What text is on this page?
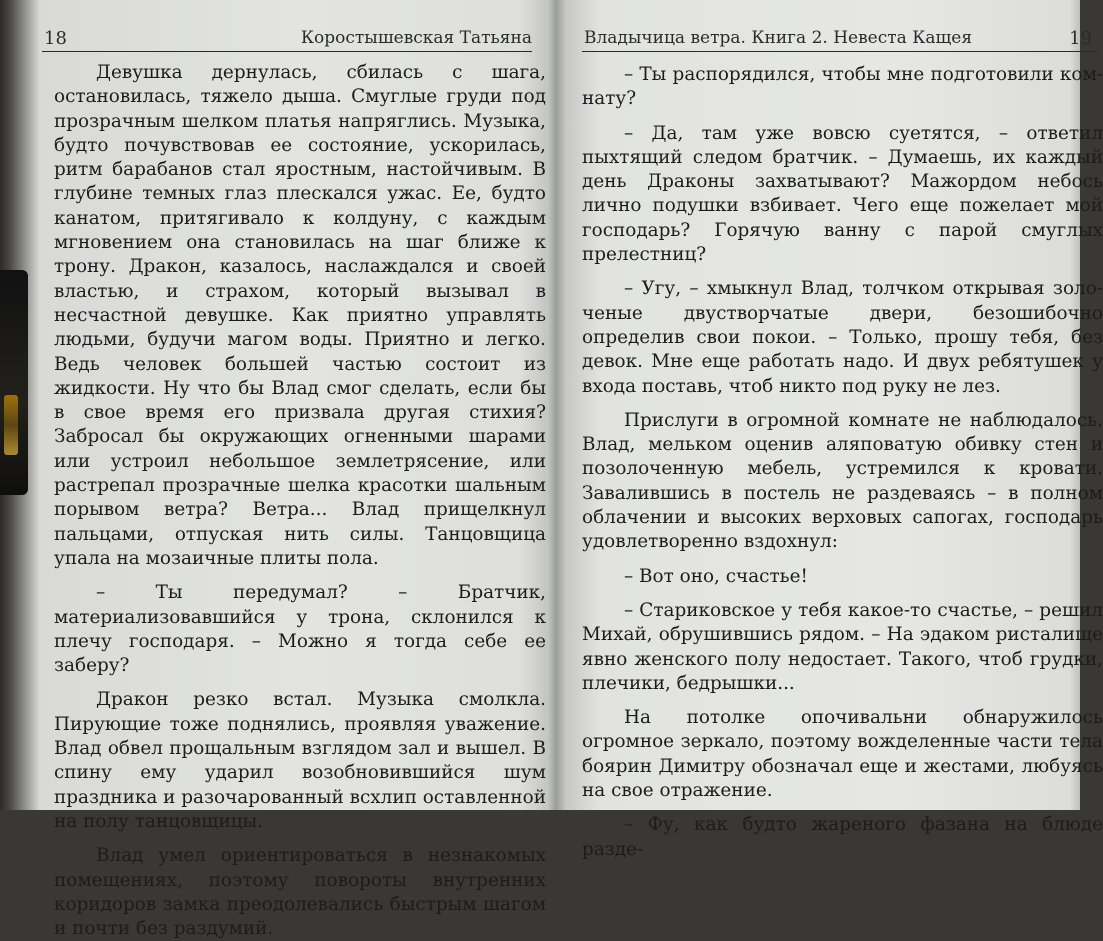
18	Коростышевская Татьяна

Девушка дернулась, сбилась с шага, остановилась, тяжело дыша. Смуглые груди под прозрачным шелком платья напряглись. Музыка, будто почувствовав ее состояние, ускорилась, ритм барабанов стал яростным, настойчивым. В глубине темных глаз плескался ужас. Ее, будто канатом, притягивало к колдуну, с каждым мгновением она становилась на шаг ближе к трону. Дракон, казалось, наслаждался и своей властью, и страхом, который вызывал в несчастной девушке. Как приятно управлять людьми, будучи магом воды. Приятно и легко. Ведь человек большей частью состоит из жидкости. Ну что бы Влад смог сделать, если бы в свое время его призвала другая стихия? Забросал бы окружающих огненными шарами или устроил небольшое землетрясение, или растрепал прозрачные шелка красотки шальным порывом ветра? Ветра... Влад прищелкнул пальцами, отпуская нить силы. Танцовщица упала на мозаичные плиты пола.

– Ты передумал? – Братчик, материализовавшийся у трона, склонился к плечу господаря. – Можно я тогда себе ее заберу?

Дракон резко встал. Музыка смолкла. Пирующие тоже поднялись, проявляя уважение. Влад обвел прощальным взглядом зал и вышел. В спину ему ударил возобновившийся шум праздника и разочарованный всхлип оставленной на полу танцовщицы.

Влад умел ориентироваться в незнакомых помещениях, поэтому повороты внутренних коридоров замка преодолевались быстрым шагом и почти без раздумий.

Владычица ветра. Книга 2. Невеста Кащея	19

– Ты распорядился, чтобы мне подготовили комнату?

– Да, там уже вовсю суетятся, – ответил пыхтящий следом братчик. – Думаешь, их каждый день Драконы захватывают? Мажордом небось лично подушки взбивает. Чего еще пожелает мой господарь? Горячую ванну с парой смуглых прелестниц?

– Угу, – хмыкнул Влад, толчком открывая золоченые двустворчатые двери, безошибочно определив свои покои. – Только, прошу тебя, без девок. Мне еще работать надо. И двух ребятушек у входа поставь, чтоб никто под руку не лез.

Прислуги в огромной комнате не наблюдалось. Влад, мельком оценив аляповатую обивку стен и позолоченную мебель, устремился к кровати. Завалившись в постель не раздеваясь – в полном облачении и высоких верховых сапогах, господарь удовлетворенно вздохнул:

– Вот оно, счастье!

– Стариковское у тебя какое-то счастье, – решил Михай, обрушившись рядом. – На эдаком ристалище явно женского полу недостает. Такого, чтоб грудки, плечики, бедрышки...

На потолке опочивальни обнаружилось огромное зеркало, поэтому вожделенные части тела боярин Димитру обозначал еще и жестами, любуясь на свое отражение.

– Фу, как будто жареного фазана на блюде разде-
